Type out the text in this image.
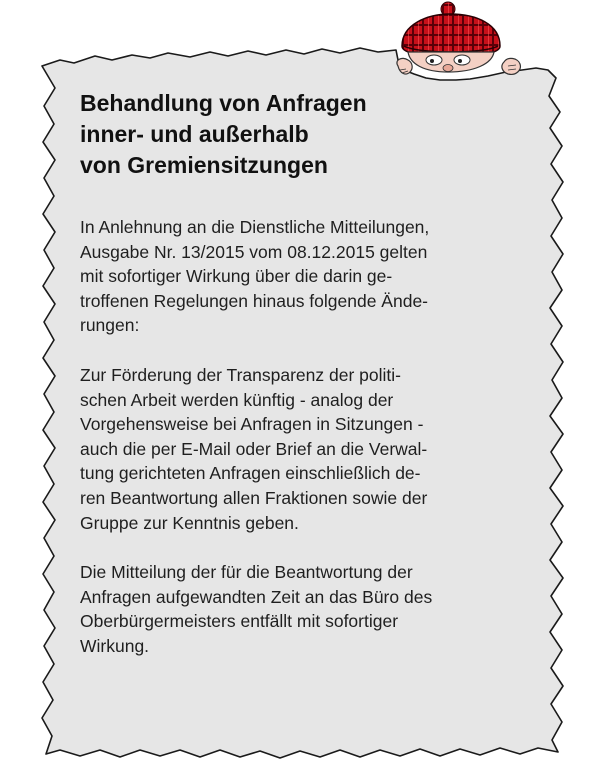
Behandlung von Anfragen
inner- und außerhalb
von Gremiensitzungen
In Anlehnung an die Dienstliche Mitteilungen,
Ausgabe Nr. 13/2015 vom 08.12.2015 gelten
mit sofortiger Wirkung über die darin ge-
troffenen Regelungen hinaus folgende Ände-
rungen:
Zur Förderung der Transparenz der politi-
schen Arbeit werden künftig - analog der
Vorgehensweise bei Anfragen in Sitzungen -
auch die per E-Mail oder Brief an die Verwal-
tung gerichteten Anfragen einschließlich de-
ren Beantwortung allen Fraktionen sowie der
Gruppe zur Kenntnis geben.
Die Mitteilung der für die Beantwortung der
Anfragen aufgewandten Zeit an das Büro des
Oberbürgermeisters entfällt mit sofortiger
Wirkung.
